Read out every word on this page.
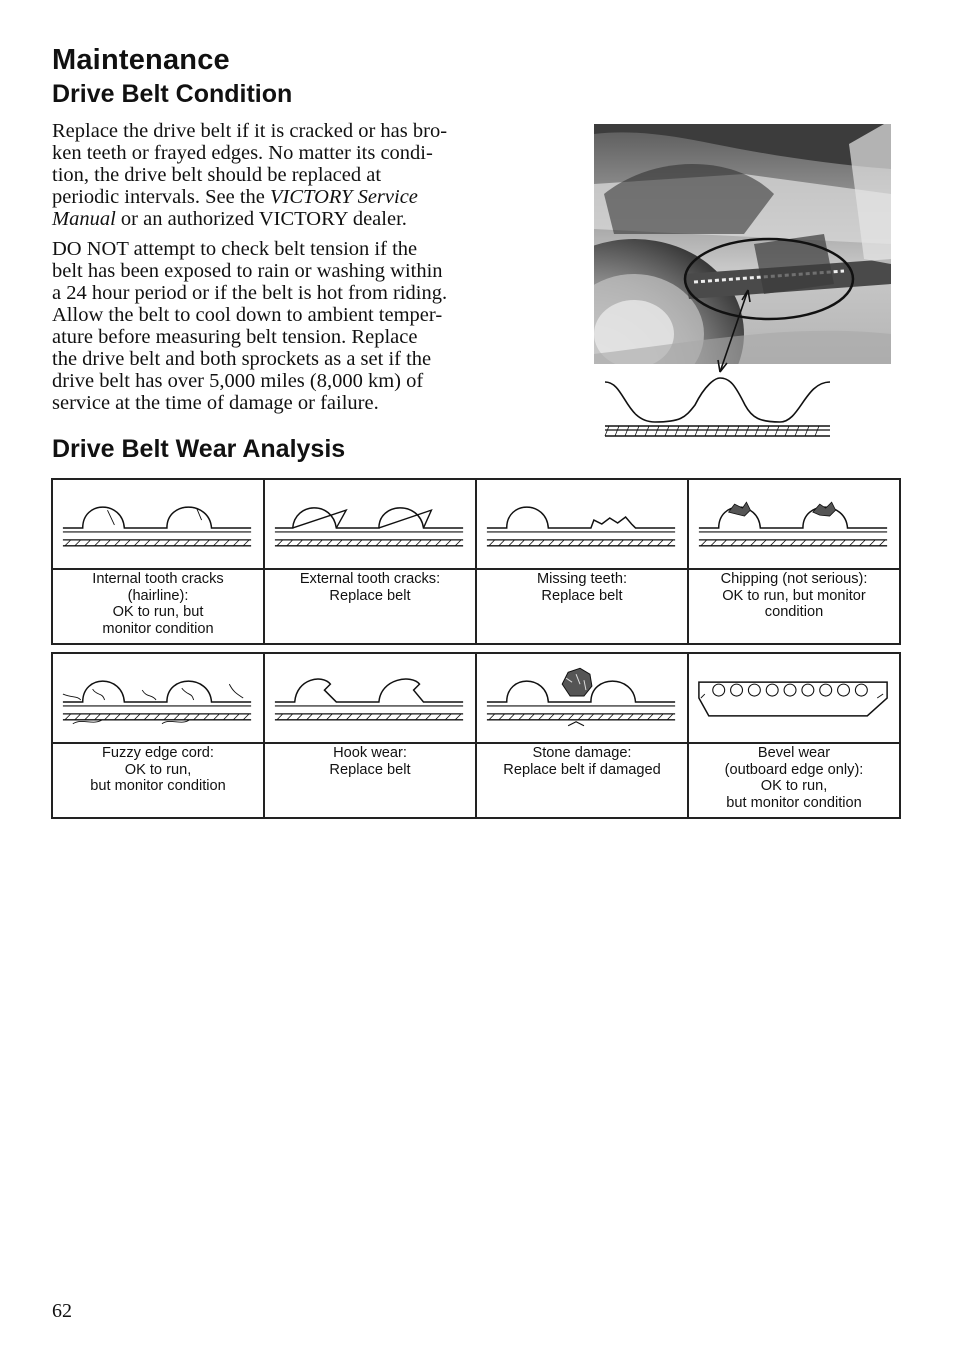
Maintenance
Drive Belt Condition

Replace the drive belt if it is cracked or has bro-
ken teeth or frayed edges. No matter its condi-
tion, the drive belt should be replaced at
periodic intervals. See the VICTORY Service
Manual or an authorized VICTORY dealer.

DO NOT attempt to check belt tension if the
belt has been exposed to rain or washing within
a 24 hour period or if the belt is hot from riding.
Allow the belt to cool down to ambient temper-
ature before measuring belt tension. Replace
the drive belt and both sprockets as a set if the
drive belt has over 5,000 miles (8,000 km) of
service at the time of damage or failure.

Drive Belt Wear Analysis

Internal tooth cracks
(hairline):
OK to run, but
monitor condition	External tooth cracks:
Replace belt	Missing teeth:
Replace belt	Chipping (not serious):
OK to run, but monitor
condition

Fuzzy edge cord:
OK to run,
but monitor condition	Hook wear:
Replace belt	Stone damage:
Replace belt if damaged	Bevel wear
(outboard edge only):
OK to run,
but monitor condition

62
